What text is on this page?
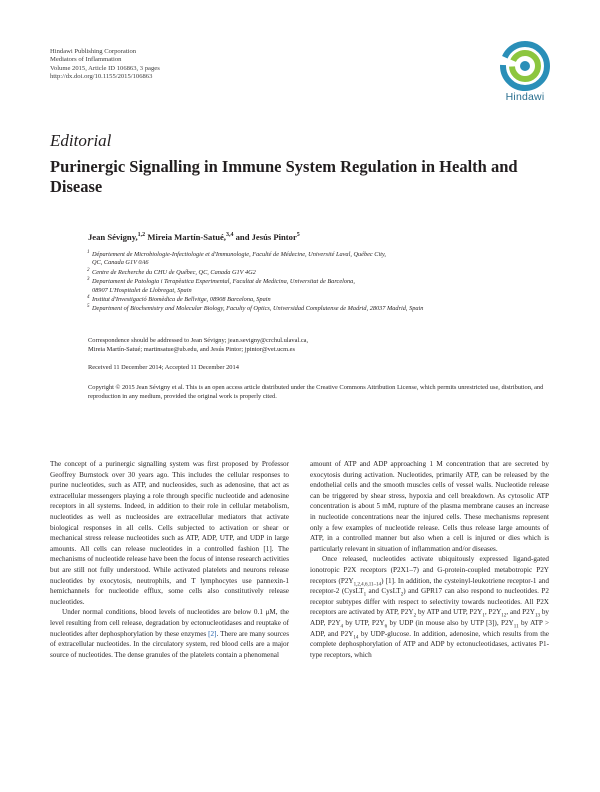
Hindawi Publishing Corporation
Mediators of Inflammation
Volume 2015, Article ID 106863, 3 pages
http://dx.doi.org/10.1155/2015/106863
Hindawi
Editorial
Purinergic Signalling in Immune System Regulation in Health and Disease
Jean Sévigny,$^{1,2}$ Mireia Martín-Satué,$^{3,4}$ and Jesús Pintor$^5$
1 Département de Microbiologie-Infectiologie et d'Immunologie, Faculté de Médecine, Université Laval, Québec City,
QC, Canada G1V 0A6
2 Centre de Recherche du CHU de Québec, QC, Canada G1V 4G2
3 Departament de Patologia i Terapèutica Experimental, Facultat de Medicina, Universitat de Barcelona,
08907 L'Hospitalet de Llobregat, Spain
4 Institut d'Investigació Biomèdica de Bellvitge, 08908 Barcelona, Spain
5 Department of Biochemistry and Molecular Biology, Faculty of Optics, Universidad Complutense de Madrid, 28037 Madrid, Spain
Correspondence should be addressed to Jean Sévigny; jean.sevigny@crchul.ulaval.ca,
Mireia Martín-Satué; martinsatue@ub.edu, and Jesús Pintor; jpintor@vet.ucm.es
Received 11 December 2014; Accepted 11 December 2014
Copyright © 2015 Jean Sévigny et al. This is an open access article distributed under the Creative Commons Attribution License, which permits unrestricted use, distribution, and reproduction in any medium, provided the original work is properly cited.

The concept of a purinergic signalling system was first proposed by Professor Geoffrey Burnstock over 30 years ago. This includes the cellular responses to purine nucleotides, such as ATP, and nucleosides, such as adenosine, that act as extracellular messengers playing a role through specific nucleotide and adenosine receptors in all systems. Indeed, in addition to their role in cellular metabolism, nucleotides as well as nucleosides are extracellular mediators that activate biological responses in all cells. Cells subjected to activation or shear or mechanical stress release nucleotides such as ATP, ADP, UTP, and UDP in large amounts. All cells can release nucleotides in a controlled fashion [1]. The mechanisms of nucleotide release have been the focus of intense research activities but are still not fully understood. While activated platelets and neurons release nucleotides by exocytosis, neutrophils, and T lymphocytes use pannexin-1 hemichannels for nucleotide efflux, some cells also constitutively release nucleotides.

Under normal conditions, blood levels of nucleotides are below 0.1 μM, the level resulting from cell release, degradation by ectonucleotidases and reuptake of nucleotides after dephosphorylation by these enzymes [2]. There are many sources of extracellular nucleotides. In the circulatory system, red blood cells are a major source of nucleotides. The dense granules of the platelets contain a phenomenal

amount of ATP and ADP approaching 1 M concentration that are secreted by exocytosis during activation. Nucleotides, primarily ATP, can be released by the endothelial cells and the smooth muscles cells of vessel walls. Nucleotide release can be triggered by shear stress, hypoxia and cell breakdown. As cytosolic ATP concentration is about 5 mM, rupture of the plasma membrane causes an increase in nucleotide concentrations near the injured cells. These mechanisms represent only a few examples of nucleotide release. Cells thus release large amounts of ATP, in a controlled manner but also when a cell is injured or dies which is particularly relevant in situation of inflammation and/or diseases.

Once released, nucleotides activate ubiquitously expressed ligand-gated ionotropic P2X receptors (P2X1–7) and G-protein-coupled metabotropic P2Y receptors $(P2Y_{1,2,4,6,11-14})$ [1]. In addition, the cysteinyl-leukotriene receptor-1 and receptor-2 (CysLT$_1$ and CysLT$_2$) and GPR17 can also respond to nucleotides. P2 receptor subtypes differ with respect to selectivity towards nucleotides. All P2X receptors are activated by ATP, $P2Y_2$ by ATP and UTP, $P2Y_1$, $P2Y_{12}$, and $P2Y_{13}$ by ADP, $P2Y_4$ by UTP, $P2Y_6$ by UDP (in mouse also by UTP [3]), $P2Y_{11}$ by ATP > ADP, and $P2Y_{14}$ by UDP-glucose. In addition, adenosine, which results from the complete dephosphorylation of ATP and ADP by ectonucleotidases, activates P1-type receptors, which
